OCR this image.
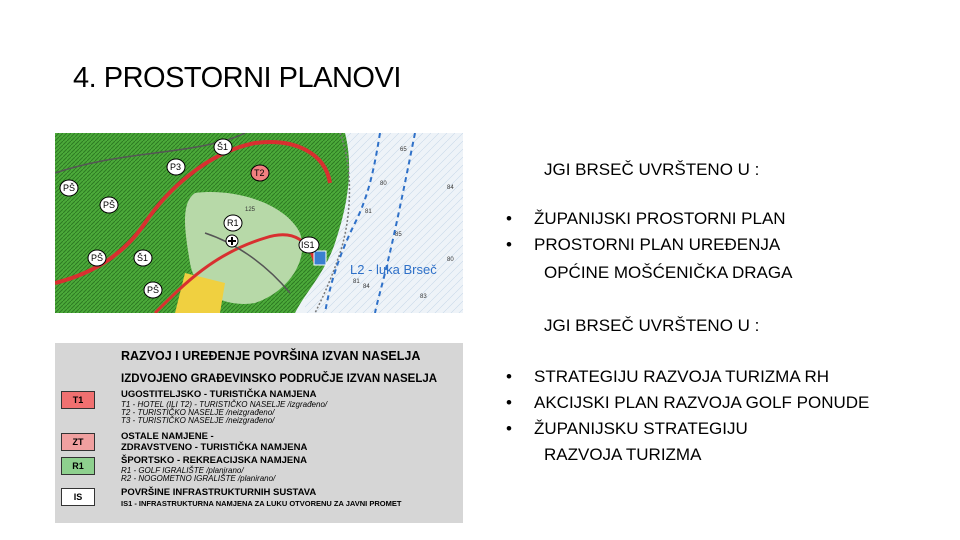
4. PROSTORNI PLANOVI
L2 - luka Brseč
Š1
P3
T2
R1
IS1
PŠ
PŠ
PŠ	Š1
PŠ
65
80
81
84
85
80
81
83
84
125
RAZVOJ I UREĐENJE POVRŠINA IZVAN NASELJA
IZDVOJENO GRAĐEVINSKO PODRUČJE IZVAN NASELJA
T1	UGOSTITELJSKO - TURISTIČKA NAMJENA
T1 - HOTEL (ILI T2) - TURISTIČKO NASELJE /izgrađeno/
T2 - TURISTIČKO NASELJE /neizgrađeno/
T3 - TURISTIČKO NASELJE /neizgrađeno/
ZT	OSTALE NAMJENE -
ZDRAVSTVENO - TURISTIČKA NAMJENA
R1	ŠPORTSKO - REKREACIJSKA NAMJENA
R1 - GOLF IGRALIŠTE /planirano/
R2 - NOGOMETNO IGRALIŠTE /planirano/
IS	POVRŠINE INFRASTRUKTURNIH SUSTAVA
IS1 - INFRASTRUKTURNA NAMJENA ZA LUKU OTVORENU ZA JAVNI PROMET
JGI BRSEČ UVRŠTENO U :
• ŽUPANIJSKI PROSTORNI PLAN
• PROSTORNI PLAN UREĐENJA
OPĆINE MOŠĆENIČKA DRAGA
JGI BRSEČ UVRŠTENO U :
• STRATEGIJU RAZVOJA TURIZMA RH
• AKCIJSKI PLAN RAZVOJA GOLF PONUDE
• ŽUPANIJSKU STRATEGIJU
RAZVOJA TURIZMA
